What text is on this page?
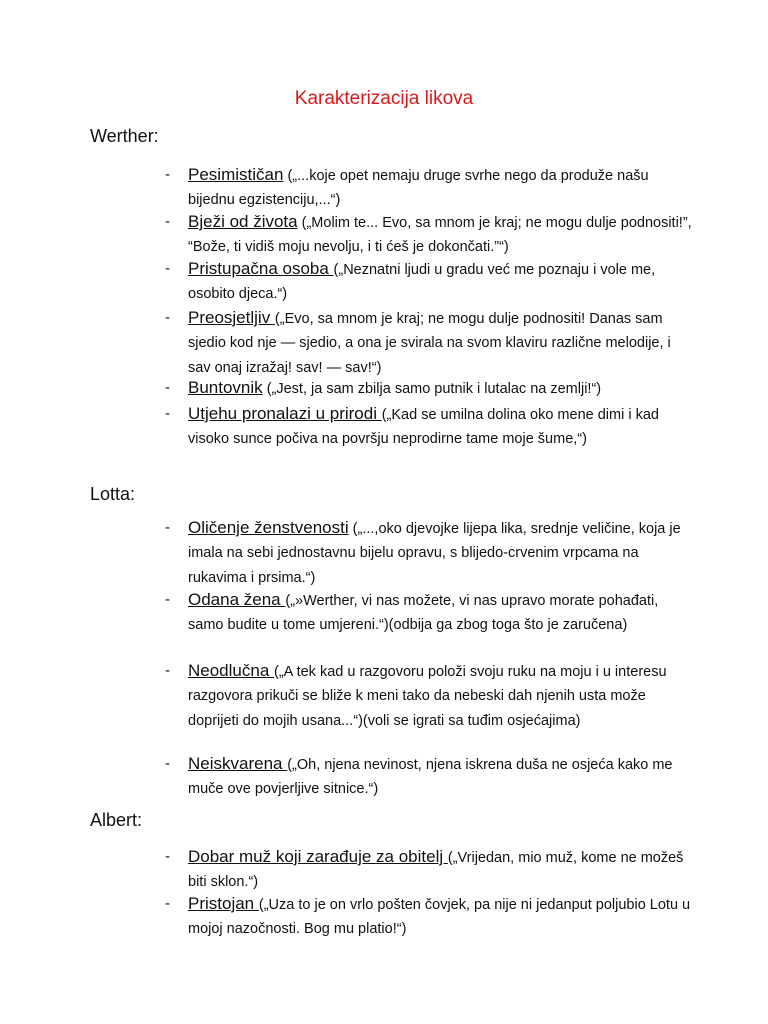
Karakterizacija likova
Werther:
- Pesimističan („...koje opet nemaju druge svrhe nego da produže našu bijednu egzistenciju,...“)
- Bježi od života („Molim te... Evo, sa mnom je kraj; ne mogu dulje podnositi!”, “Bože, ti vidiš moju nevolju, i ti ćeš je dokončati.”“)
- Pristupačna osoba („Neznatni ljudi u gradu već me poznaju i vole me, osobito djeca.“)
- Preosjetljiv („Evo, sa mnom je kraj; ne mogu dulje podnositi! Danas sam sjedio kod nje — sjedio, a ona je svirala na svom klaviru različne melodije, i sav onaj izražaj! sav! — sav!“)
- Buntovnik („Jest, ja sam zbilja samo putnik i lutalac na zemlji!“)
- Utjehu pronalazi u prirodi („Kad se umilna dolina oko mene dimi i kad visoko sunce počiva na površju neprodirne tame moje šume,“)
Lotta:
- Oličenje ženstvenosti („...,oko djevojke lijepa lika, srednje veličine, koja je imala na sebi jednostavnu bijelu opravu, s blijedo-crvenim vrpcama na rukavima i prsima.“)
- Odana žena („»Werther, vi nas možete, vi nas upravo morate pohađati, samo budite u tome umjereni.“)(odbija ga zbog toga što je zaručena)
- Neodlučna („A tek kad u razgovoru položi svoju ruku na moju i u interesu razgovora prikuči se bliže k meni tako da nebeski dah njenih usta može doprijeti do mojih usana...“)(voli se igrati sa tuđim osjećajima)
- Neiskvarena („Oh, njena nevinost, njena iskrena duša ne osjeća kako me muče ove povjerljive sitnice.“)
Albert:
- Dobar muž koji zarađuje za obitelj („Vrijedan, mio muž, kome ne možeš biti sklon.“)
- Pristojan („Uza to je on vrlo pošten čovjek, pa nije ni jedanput poljubio Lotu u mojoj nazočnosti. Bog mu platio!“)
